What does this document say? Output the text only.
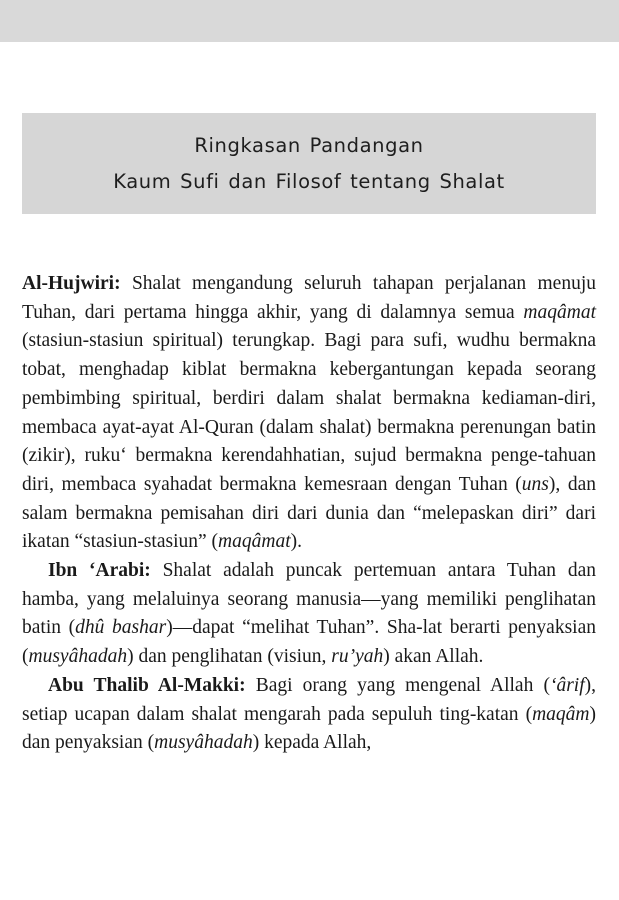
Ringkasan Pandangan
Kaum Sufi dan Filosof tentang Shalat

Al-Hujwiri: Shalat mengandung seluruh tahapan perjalanan menuju Tuhan, dari pertama hingga akhir, yang di dalamnya semua maqâmat (stasiun-stasiun spiritual) terungkap. Bagi para sufi, wudhu bermakna tobat, menghadap kiblat bermakna kebergantungan kepada seorang pembimbing spiritual, berdiri dalam shalat bermakna kediaman-diri, membaca ayat-ayat Al-Quran (dalam shalat) bermakna perenungan batin (zikir), ruku‘ bermakna kerendahhatian, sujud bermakna penge-tahuan diri, membaca syahadat bermakna kemesraan dengan Tuhan (uns), dan salam bermakna pemisahan diri dari dunia dan “melepaskan diri” dari ikatan “stasiun-stasiun” (maqâmat).

Ibn ‘Arabi: Shalat adalah puncak pertemuan antara Tuhan dan hamba, yang melaluinya seorang manusia—yang memiliki penglihatan batin (dhû bashar)—dapat “melihat Tuhan”. Sha-lat berarti penyaksian (musyâhadah) dan penglihatan (visiun, ru’yah) akan Allah.

Abu Thalib Al-Makki: Bagi orang yang mengenal Allah (‘ârif), setiap ucapan dalam shalat mengarah pada sepuluh ting-katan (maqâm) dan penyaksian (musyâhadah) kepada Allah,
